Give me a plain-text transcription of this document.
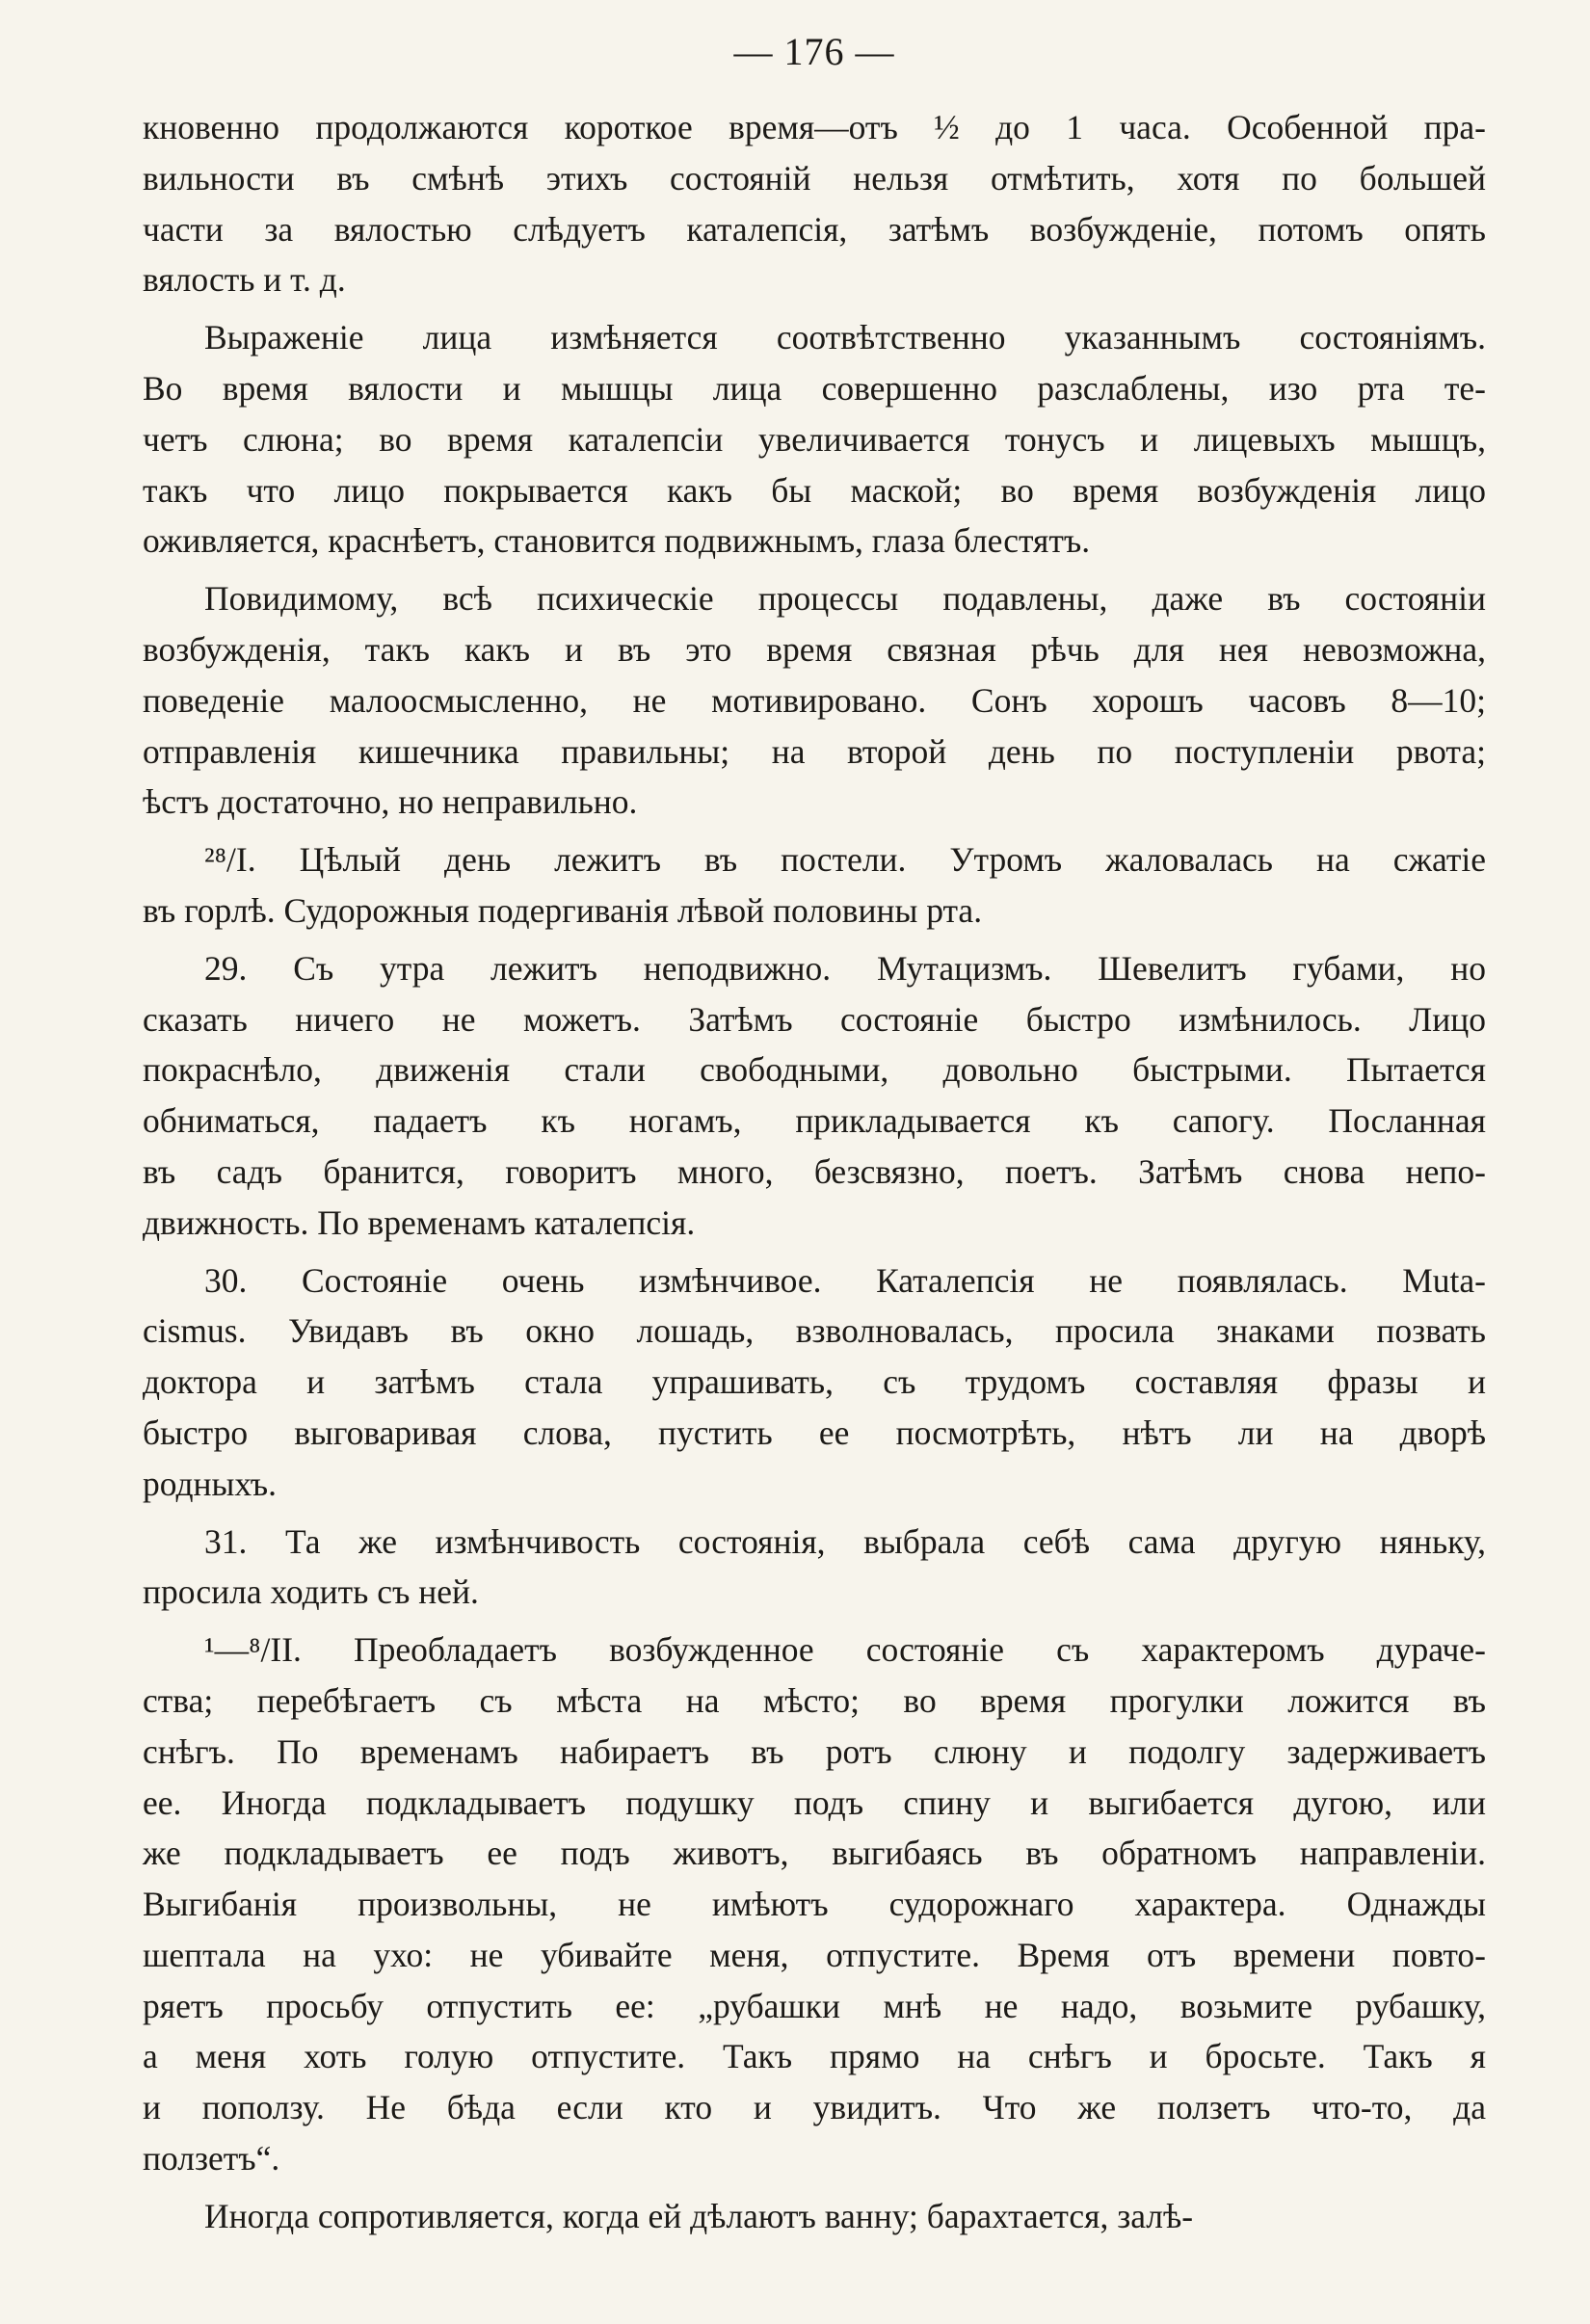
— 176 —

кновенно продолжаются короткое время—отъ ½ до 1 часа. Особенной пра-
вильности въ смѣнѣ этихъ состояній нельзя отмѣтить, хотя по большей
части за вялостью слѣдуетъ каталепсія, затѣмъ возбужденіе, потомъ опять
вялость и т. д.

Выраженіе лица измѣняется соотвѣтственно указаннымъ состояніямъ.
Во время вялости и мышцы лица совершенно разслаблены, изо рта те-
четъ слюна; во время каталепсіи увеличивается тонусъ и лицевыхъ мышцъ,
такъ что лицо покрывается какъ бы маской; во время возбужденія лицо
оживляется, краснѣетъ, становится подвижнымъ, глаза блестятъ.

Повидимому, всѣ психическіе процессы подавлены, даже въ состояніи
возбужденія, такъ какъ и въ это время связная рѣчь для нея невозможна,
поведеніе малоосмысленно, не мотивировано. Сонъ хорошъ часовъ 8—10;
отправленія кишечника правильны; на второй день по поступленіи рвота;
ѣстъ достаточно, но неправильно.

²⁸/I. Цѣлый день лежитъ въ постели. Утромъ жаловалась на сжатіе
въ горлѣ. Судорожныя подергиванія лѣвой половины рта.

29. Съ утра лежитъ неподвижно. Мутацизмъ. Шевелитъ губами, но
сказать ничего не можетъ. Затѣмъ состояніе быстро измѣнилось. Лицо
покраснѣло, движенія стали свободными, довольно быстрыми. Пытается
обниматься, падаетъ къ ногамъ, прикладывается къ сапогу. Посланная
въ садъ бранится, говоритъ много, безсвязно, поетъ. Затѣмъ снова непо-
движность. По временамъ каталепсія.

30. Состояніе очень измѣнчивое. Каталепсія не появлялась. Muta-
cismus. Увидавъ въ окно лошадь, взволновалась, просила знаками позвать
доктора и затѣмъ стала упрашивать, съ трудомъ составляя фразы и
быстро выговаривая слова, пустить ее посмотрѣть, нѣтъ ли на дворѣ
родныхъ.

31. Та же измѣнчивость состоянія, выбрала себѣ сама другую няньку,
просила ходить съ ней.

¹—⁸/II. Преобладаетъ возбужденное состояніе съ характеромъ дураче-
ства; перебѣгаетъ съ мѣста на мѣсто; во время прогулки ложится въ
снѣгъ. По временамъ набираетъ въ ротъ слюну и подолгу задерживаетъ
ее. Иногда подкладываетъ подушку подъ спину и выгибается дугою, или
же подкладываетъ ее подъ животъ, выгибаясь въ обратномъ направленіи.
Выгибанія произвольны, не имѣютъ судорожнаго характера. Однажды
шептала на ухо: не убивайте меня, отпустите. Время отъ времени повто-
ряетъ просьбу отпустить ее: „рубашки мнѣ не надо, возьмите рубашку,
а меня хоть голую отпустите. Такъ прямо на снѣгъ и бросьте. Такъ я
и поползу. Не бѣда если кто и увидитъ. Что же ползетъ что-то, да
ползетъ“.

Иногда сопротивляется, когда ей дѣлаютъ ванну; барахтается, залѣ-
